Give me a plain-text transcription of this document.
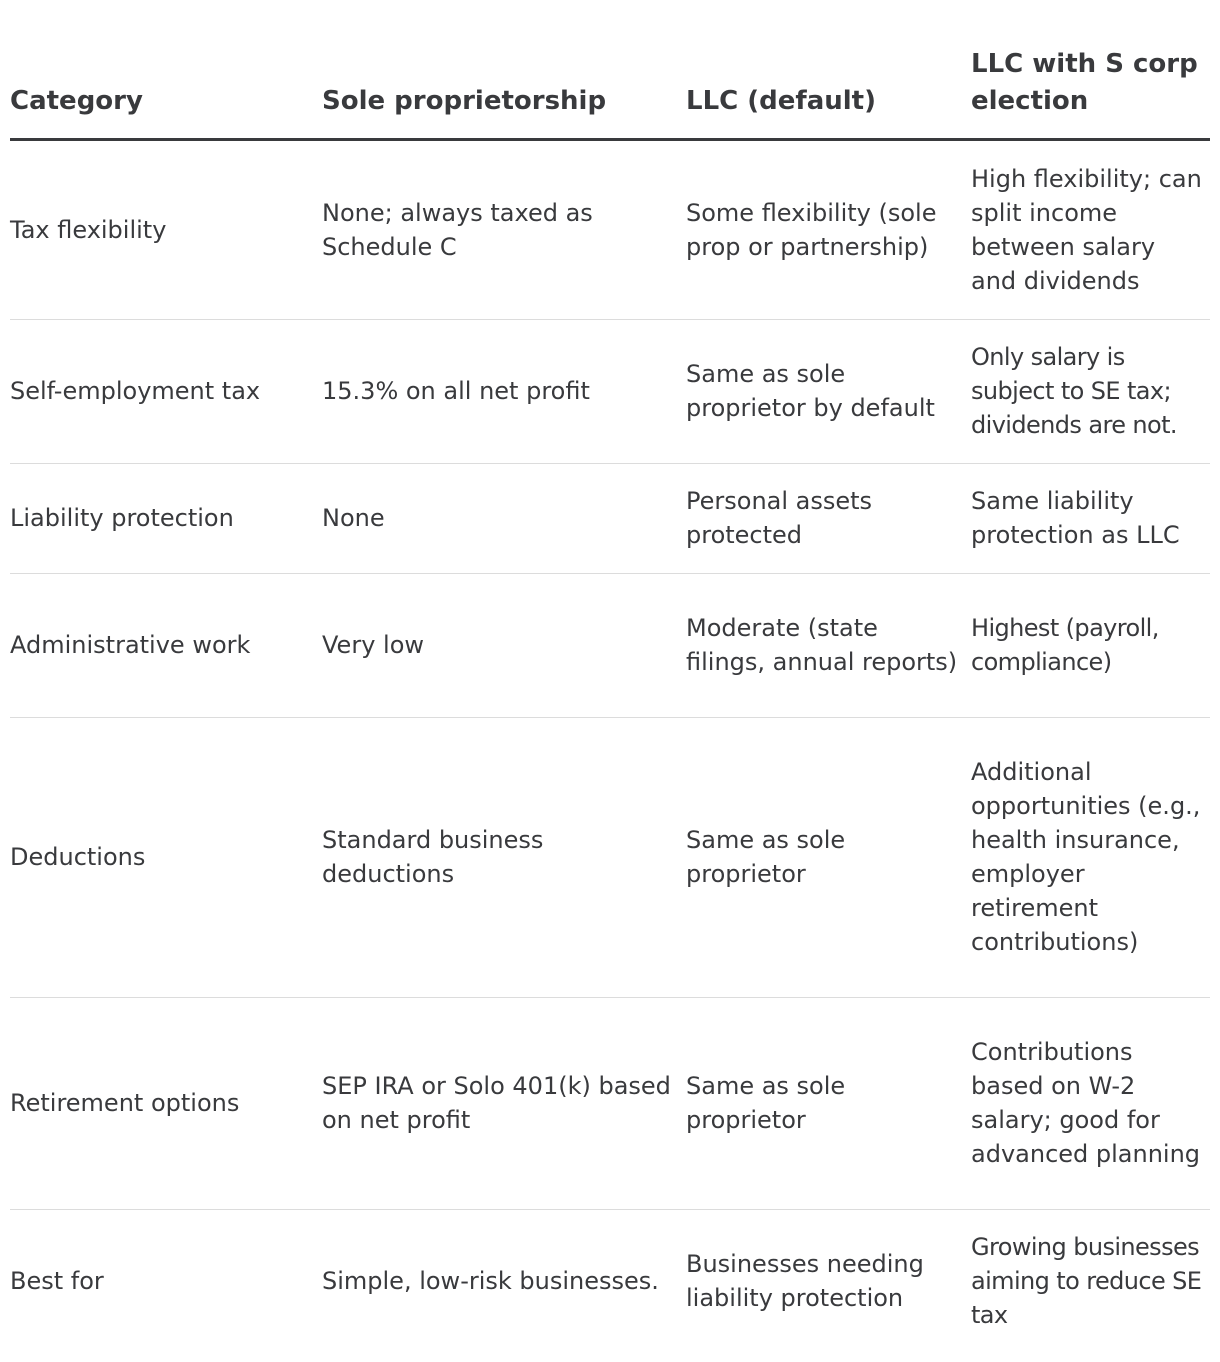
Category	Sole proprietorship	LLC (default)	LLC with S corp election
Tax flexibility	None; always taxed as Schedule C	Some flexibility (sole prop or partnership)	High flexibility; can split income between salary and dividends
Self-employment tax	15.3% on all net profit	Same as sole proprietor by default	Only salary is subject to SE tax; dividends are not.
Liability protection	None	Personal assets protected	Same liability protection as LLC
Administrative work	Very low	Moderate (state filings, annual reports)	Highest (payroll, compliance)
Deductions	Standard business deductions	Same as sole proprietor	Additional opportunities (e.g., health insurance, employer retirement contributions)
Retirement options	SEP IRA or Solo 401(k) based on net profit	Same as sole proprietor	Contributions based on W-2 salary; good for advanced planning
Best for	Simple, low-risk businesses.	Businesses needing liability protection	Growing businesses aiming to reduce SE tax
